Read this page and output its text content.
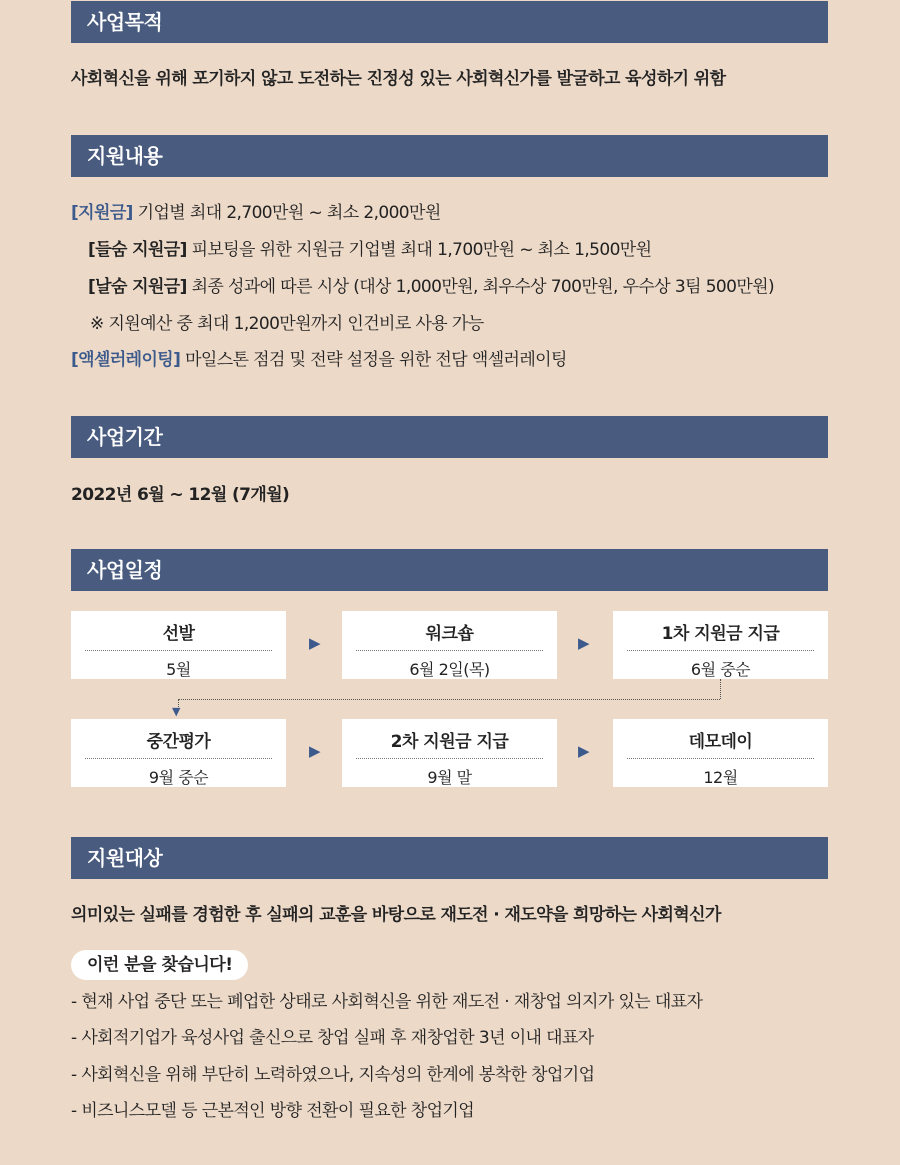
사업목적
사회혁신을 위해 포기하지 않고 도전하는 진정성 있는 사회혁신가를 발굴하고 육성하기 위함
지원내용
[지원금] 기업별 최대 2,700만원 ~ 최소 2,000만원
[들숨 지원금] 피보팅을 위한 지원금 기업별 최대 1,700만원 ~ 최소 1,500만원
[날숨 지원금] 최종 성과에 따른 시상 (대상 1,000만원, 최우수상 700만원, 우수상 3팀 500만원)
※ 지원예산 중 최대 1,200만원까지 인건비로 사용 가능
[액셀러레이팅] 마일스톤 점검 및 전략 설정을 위한 전담 액셀러레이팅
사업기간
2022년 6월 ~ 12월 (7개월)
사업일정
선발
5월
▶	워크숍
6월 2일(목)
▶	1차 지원금 지급
6월 중순
▼
중간평가
9월 중순
▶	2차 지원금 지급
9월 말
▶	데모데이
12월
지원대상
의미있는 실패를 경험한 후 실패의 교훈을 바탕으로 재도전 · 재도약을 희망하는 사회혁신가
이런 분을 찾습니다!
- 현재 사업 중단 또는 폐업한 상태로 사회혁신을 위한 재도전 · 재창업 의지가 있는 대표자
- 사회적기업가 육성사업 출신으로 창업 실패 후 재창업한 3년 이내 대표자
- 사회혁신을 위해 부단히 노력하였으나, 지속성의 한계에 봉착한 창업기업
- 비즈니스모델 등 근본적인 방향 전환이 필요한 창업기업
